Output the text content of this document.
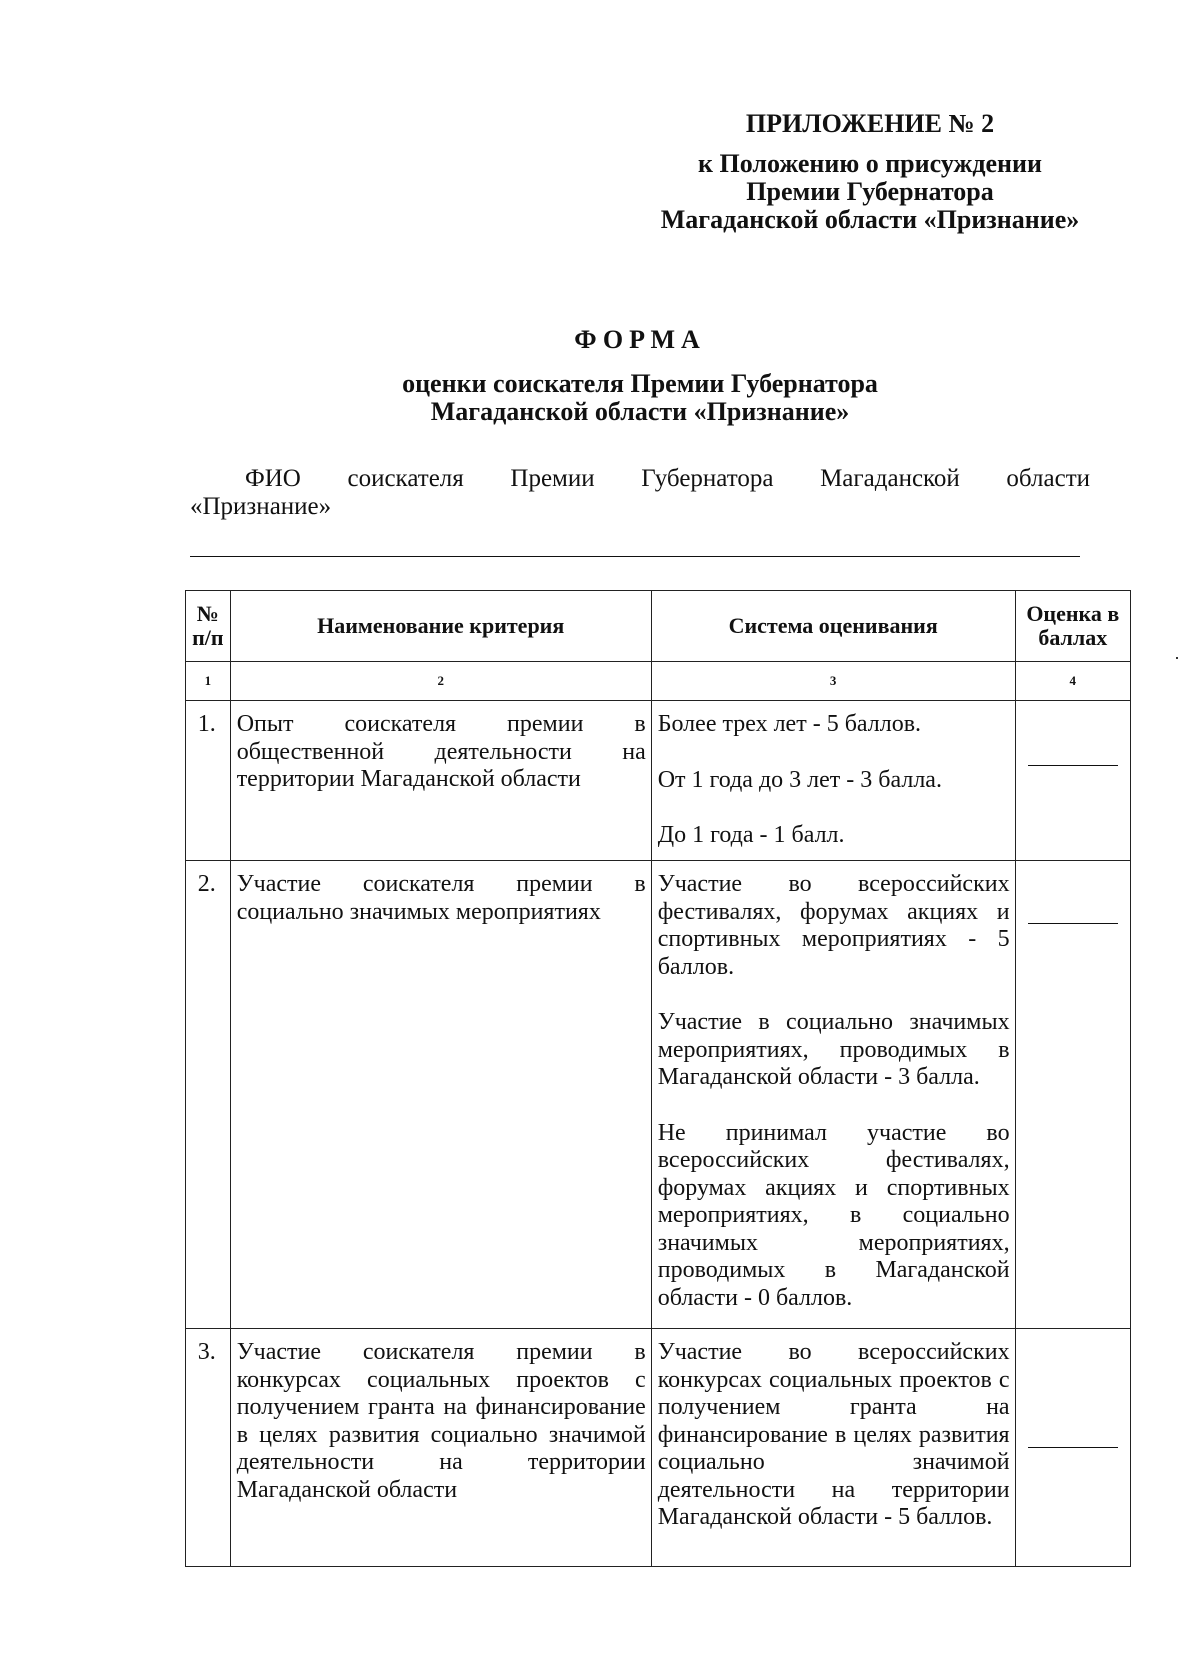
ПРИЛОЖЕНИЕ № 2
к Положению о присуждении
Премии Губернатора
Магаданской области «Признание»
ФОРМА
оценки соискателя Премии Губернатора
Магаданской области «Признание»
ФИО соискателя Премии Губернатора Магаданской области
«Признание»
№ п/п	Наименование критерия	Система оценивания	Оценка в баллах
1	2	3	4
1.	Опыт соискателя премии в общественной деятельности на территории Магаданской области	Более трех лет - 5 баллов.
От 1 года до 3 лет - 3 балла.
До 1 года - 1 балл.	

2.	Участие соискателя премии в социально значимых мероприятиях	Участие во всероссийских фестивалях, форумах акциях и спортивных мероприятиях - 5 баллов.
Участие в социально значимых мероприятиях, проводимых в Магаданской области - 3 балла.
Не принимал участие во всероссийских фестивалях, форумах акциях и спортивных мероприятиях, в социально значимых мероприятиях, проводимых в Магаданской области - 0 баллов.	

3.	Участие соискателя премии в конкурсах социальных проектов с получением гранта на финансирование в целях развития социально значимой деятельности на территории Магаданской области	Участие во всероссийских конкурсах социальных проектов с получением гранта на финансирование в целях развития социально значимой деятельности на территории Магаданской области - 5 баллов.	
